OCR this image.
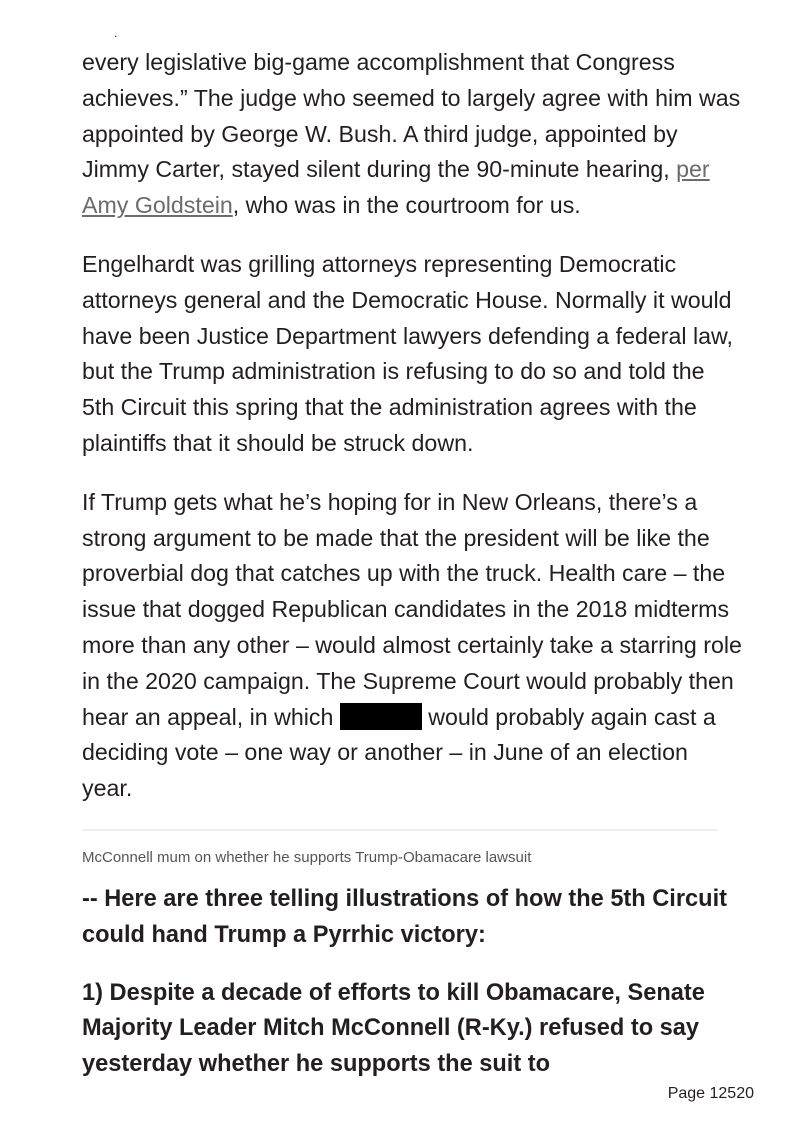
.

every legislative big-game accomplishment that Congress achieves.” The judge who seemed to largely agree with him was appointed by George W. Bush. A third judge, appointed by Jimmy Carter, stayed silent during the 90-minute hearing, per Amy Goldstein, who was in the courtroom for us.

Engelhardt was grilling attorneys representing Democratic attorneys general and the Democratic House. Normally it would have been Justice Department lawyers defending a federal law, but the Trump administration is refusing to do so and told the 5th Circuit this spring that the administration agrees with the plaintiffs that it should be struck down.

If Trump gets what he’s hoping for in New Orleans, there’s a strong argument to be made that the president will be like the proverbial dog that catches up with the truck. Health care – the issue that dogged Republican candidates in the 2018 midterms more than any other – would almost certainly take a starring role in the 2020 campaign. The Supreme Court would probably then hear an appeal, in which	would probably again cast a deciding vote – one way or another – in June of an election year.

McConnell mum on whether he supports Trump-Obamacare lawsuit

-- Here are three telling illustrations of how the 5th Circuit could hand Trump a Pyrrhic victory:

1) Despite a decade of efforts to kill Obamacare, Senate Majority Leader Mitch McConnell (R-Ky.) refused to say yesterday whether he supports the suit to

Page 12520
